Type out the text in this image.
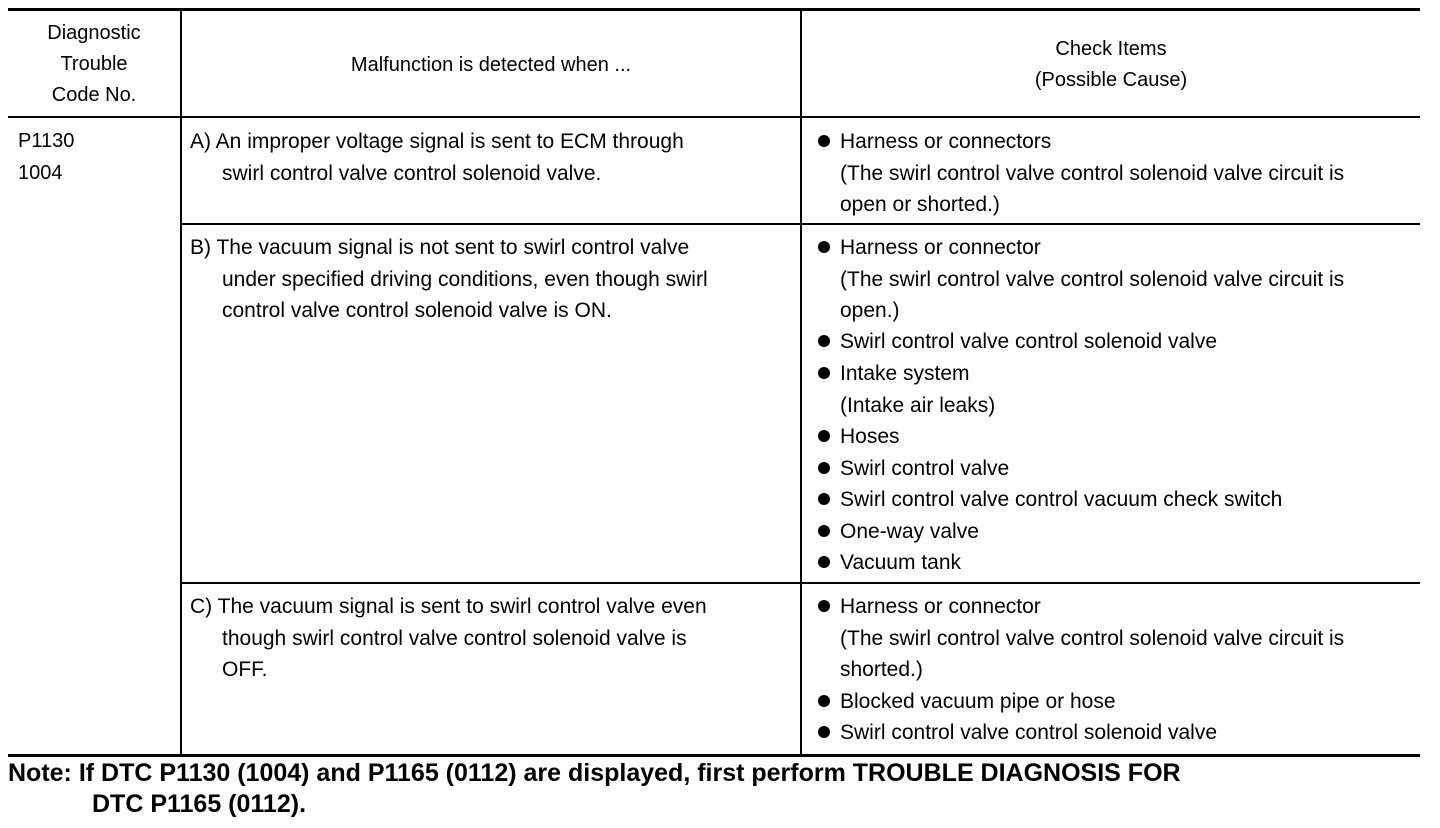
Diagnostic
Trouble
Code No.
Malfunction is detected when ...
Check Items
(Possible Cause)
P1130
1004
A) An improper voltage signal is sent to ECM through
swirl control valve control solenoid valve.
Harness or connectors
(The swirl control valve control solenoid valve circuit is
open or shorted.)
B) The vacuum signal is not sent to swirl control valve
under specified driving conditions, even though swirl
control valve control solenoid valve is ON.
Harness or connector
(The swirl control valve control solenoid valve circuit is
open.)
Swirl control valve control solenoid valve
Intake system
(Intake air leaks)
Hoses
Swirl control valve
Swirl control valve control vacuum check switch
One-way valve
Vacuum tank
C) The vacuum signal is sent to swirl control valve even
though swirl control valve control solenoid valve is
OFF.
Harness or connector
(The swirl control valve control solenoid valve circuit is
shorted.)
Blocked vacuum pipe or hose
Swirl control valve control solenoid valve
Note: If DTC P1130 (1004) and P1165 (0112) are displayed, first perform TROUBLE DIAGNOSIS FOR
DTC P1165 (0112).
